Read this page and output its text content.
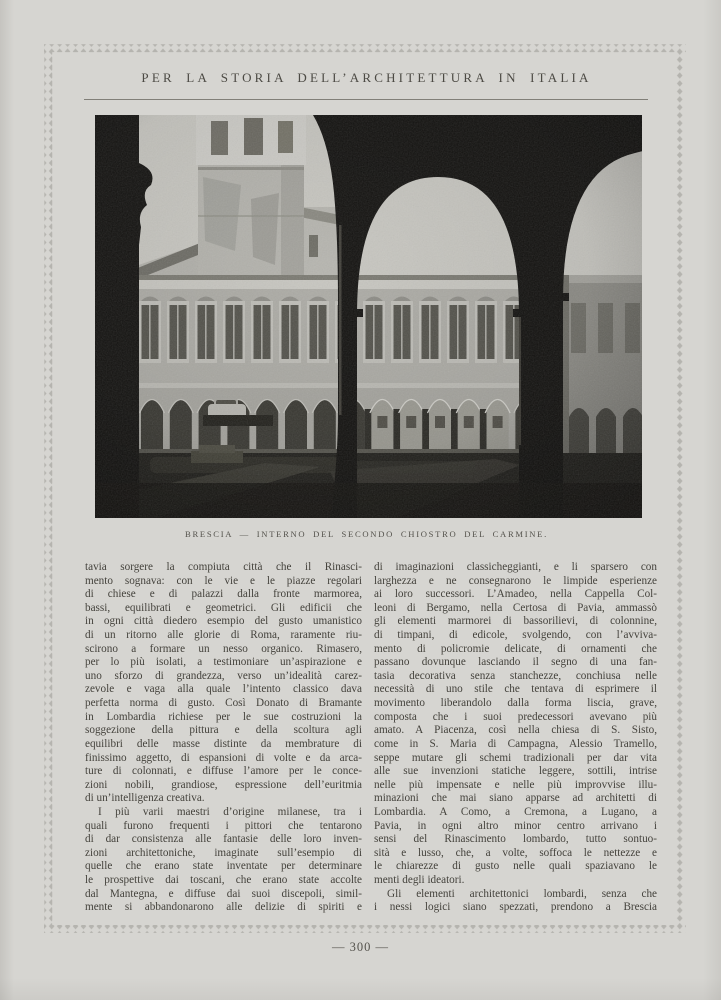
PER LA STORIA DELL’ARCHITETTURA IN ITALIA
BRESCIA — INTERNO DEL SECONDO CHIOSTRO DEL CARMINE.
tavia sorgere la compiuta città che il Rinasci-
mento sognava: con le vie e le piazze regolari
di chiese e di palazzi dalla fronte marmorea,
bassi, equilibrati e geometrici. Gli edificii che
in ogni città diedero esempio del gusto umanistico
di un ritorno alle glorie di Roma, raramente riu-
scirono a formare un nesso organico. Rimasero,
per lo più isolati, a testimoniare un’aspirazione e
uno sforzo di grandezza, verso un’idealità carez-
zevole e vaga alla quale l’intento classico dava
perfetta norma di gusto. Così Donato di Bramante
in Lombardia richiese per le sue costruzioni la
soggezione della pittura e della scoltura agli
equilibri delle masse distinte da membrature di
finissimo aggetto, di espansioni di volte e da arca-
ture di colonnati, e diffuse l’amore per le conce-
zioni nobili, grandiose, espressione dell’euritmia
di un’intelligenza creativa.
I più varii maestri d’origine milanese, tra i
quali furono frequenti i pittori che tentarono
di dar consistenza alle fantasie delle loro inven-
zioni architettoniche, imaginate sull’esempio di
quelle che erano state inventate per determinare
le prospettive dai toscani, che erano state accolte
dal Mantegna, e diffuse dai suoi discepoli, simil-
mente si abbandonarono alle delizie di spiriti e
di imaginazioni classicheggianti, e li sparsero con
larghezza e ne consegnarono le limpide esperienze
ai loro successori. L’Amadeo, nella Cappella Col-
leoni di Bergamo, nella Certosa di Pavia, ammassò
gli elementi marmorei di bassorilievi, di colonnine,
di timpani, di edicole, svolgendo, con l’avviva-
mento di policromie delicate, di ornamenti che
passano dovunque lasciando il segno di una fan-
tasia decorativa senza stanchezze, conchiusa nelle
necessità di uno stile che tentava di esprimere il
movimento liberandolo dalla forma liscia, grave,
composta che i suoi predecessori avevano più
amato. A Piacenza, così nella chiesa di S. Sisto,
come in S. Maria di Campagna, Alessio Tramello,
seppe mutare gli schemi tradizionali per dar vita
alle sue invenzioni statiche leggere, sottili, intrise
nelle più impensate e nelle più improvvise illu-
minazioni che mai siano apparse ad architetti di
Lombardia. A Como, a Cremona, a Lugano, a
Pavia, in ogni altro minor centro arrivano i
sensi del Rinascimento lombardo, tutto sontuo-
sità e lusso, che, a volte, soffoca le nettezze e
le chiarezze di gusto nelle quali spaziavano le
menti degli ideatori.
Gli elementi architettonici lombardi, senza che
i nessi logici siano spezzati, prendono a Brescia
— 300 —
